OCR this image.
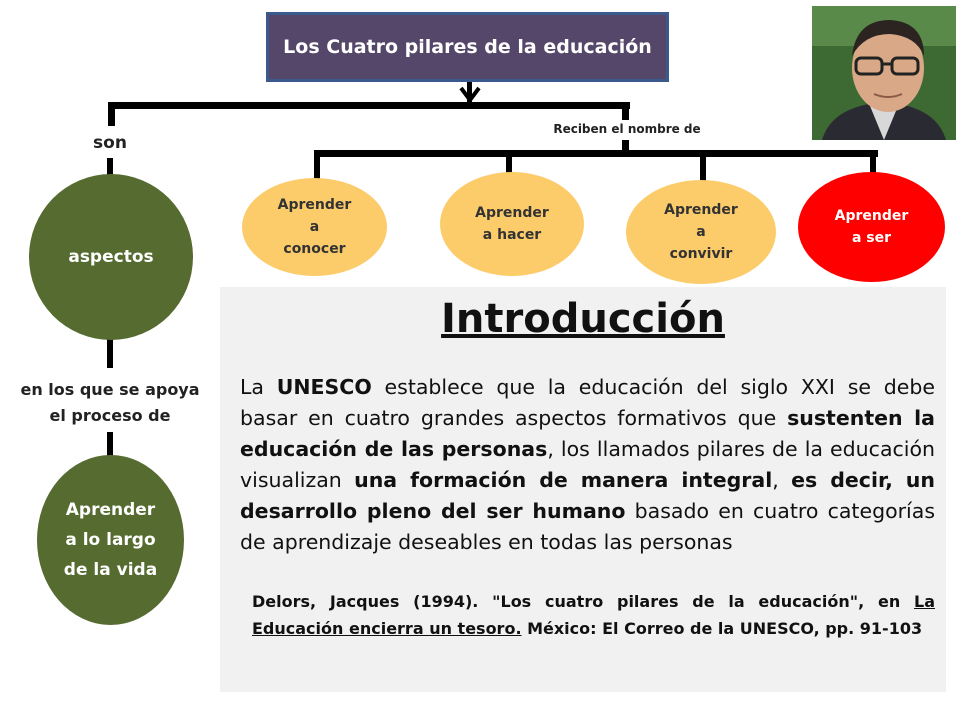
Los Cuatro pilares de la educación
son
Reciben el nombre de
en los que se apoya el proceso de
aspectos
Aprender
a lo largo
de la vida
Aprender
a
conocer
Aprender
a hacer
Aprender
a
convivir
Aprender
a ser
Introducción

La UNESCO establece que la educación del siglo XXI se debe basar en cuatro grandes aspectos formativos que sustenten la educación de las personas, los llamados pilares de la educación visualizan una formación de manera integral, es decir, un desarrollo pleno del ser humano basado en cuatro categorías de aprendizaje deseables en todas las personas

Delors, Jacques (1994). "Los cuatro pilares de la educación", en La Educación encierra un tesoro. México: El Correo de la UNESCO, pp. 91-103
